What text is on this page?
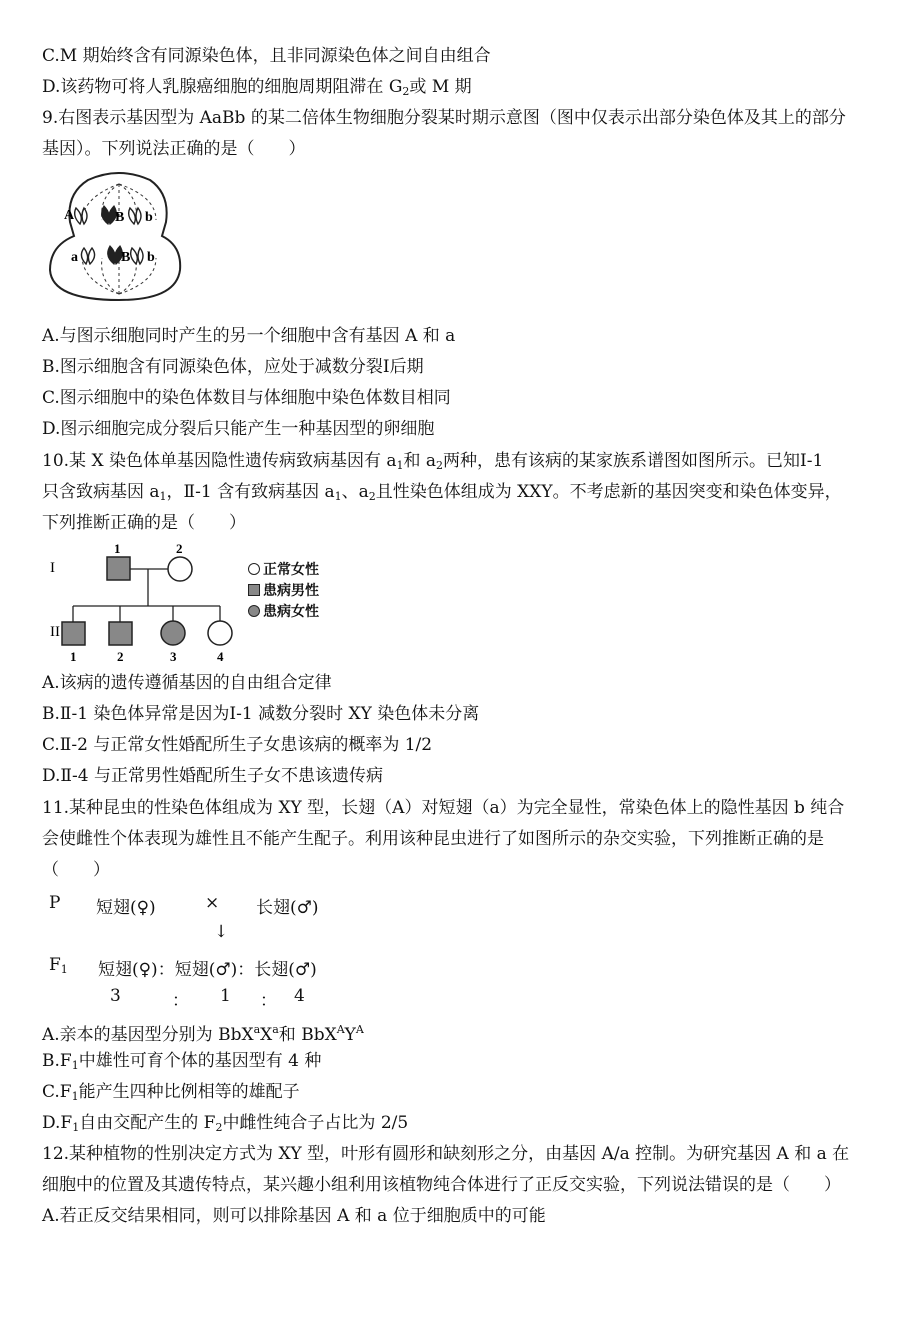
C.M 期始终含有同源染色体，且非同源染色体之间自由组合
D.该药物可将人乳腺癌细胞的细胞周期阻滞在 $G_2$或 M 期
9.右图表示基因型为 AaBb 的某二倍体生物细胞分裂某时期示意图（图中仅表示出部分染色体及其上的部分
基因）。下列说法正确的是（　　）
A	B b
a	B b
A.与图示细胞同时产生的另一个细胞中含有基因 A 和 a
B.图示细胞含有同源染色体，应处于减数分裂Ⅰ后期
C.图示细胞中的染色体数目与体细胞中染色体数目相同
D.图示细胞完成分裂后只能产生一种基因型的卵细胞
10.某 X 染色体单基因隐性遗传病致病基因有 $a_1$和 $a_2$两种，患有该病的某家族系谱图如图所示。已知Ⅰ-1
只含致病基因 $a_1$，Ⅱ-1 含有致病基因 $a_1$、$a_2$且性染色体组成为 XXY。不考虑新的基因突变和染色体变异，
下列推断正确的是（　　）
I
II
1	2
1	2	3	4
正常女性
患病男性
患病女性
A.该病的遗传遵循基因的自由组合定律
B.Ⅱ-1 染色体异常是因为Ⅰ-1 减数分裂时 XY 染色体未分离
C.Ⅱ-2 与正常女性婚配所生子女患该病的概率为 1/2
D.Ⅱ-4 与正常男性婚配所生子女不患该遗传病
11.某种昆虫的性染色体组成为 XY 型，长翅（A）对短翅（a）为完全显性，常染色体上的隐性基因 b 纯合
会使雌性个体表现为雄性且不能产生配子。利用该种昆虫进行了如图所示的杂交实验，下列推断正确的是
（　　）
P 短翅(♀)	× 长翅(♂)
↓
$F_1$ 短翅(♀)：短翅(♂)：长翅(♂)
3	： 1 ： 4
A.亲本的基因型分别为 $BbX^aX^a$和 $BbX^AY^A$
$B.F_1$中雄性可育个体的基因型有 4 种
$C.F_1$能产生四种比例相等的雄配子
$D.F_1$自由交配产生的 $F_2$中雌性纯合子占比为 2/5
12.某种植物的性别决定方式为 XY 型，叶形有圆形和缺刻形之分，由基因 A/a 控制。为研究基因 A 和 a 在
细胞中的位置及其遗传特点，某兴趣小组利用该植物纯合体进行了正反交实验，下列说法错误的是（　　）
A.若正反交结果相同，则可以排除基因 A 和 a 位于细胞质中的可能
